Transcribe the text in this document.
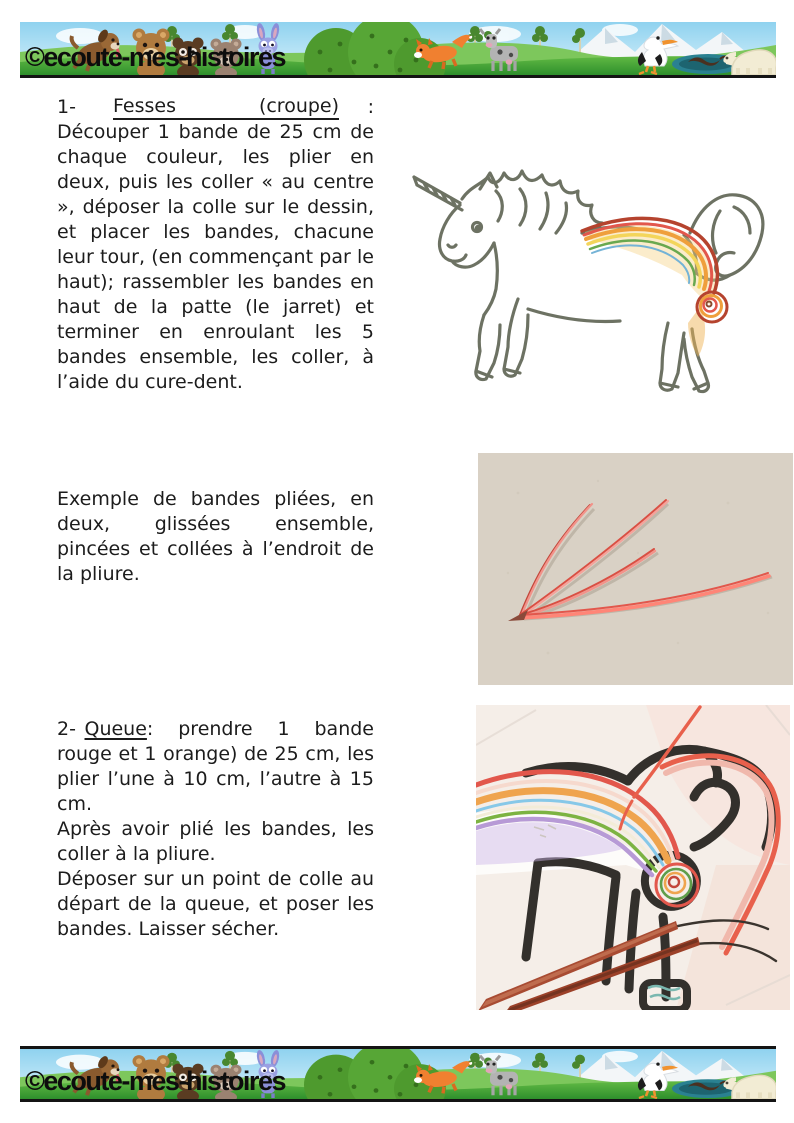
©ecoute-mes-histoires
1- Fesses	(croupe) :

Découper 1 bande de 25 cm de chaque couleur, les plier en deux, puis les coller « au centre », déposer la colle sur le dessin, et placer les bandes, chacune leur tour, (en commençant par le haut); rassembler les bandes en haut de la patte (le jarret) et terminer en enroulant les 5 bandes ensemble, les coller, à l’aide du cure-dent.

Exemple de bandes pliées, en deux, glissées ensemble, pincées et collées à l’endroit de la pliure.

2- Queue: prendre 1 bande rouge et 1 orange) de 25 cm, les plier l’une à 10 cm, l’autre à 15 cm.

Après avoir plié les bandes, les coller à la pliure.

Déposer sur un point de colle au départ de la queue, et poser les bandes. Laisser sécher.

©ecoute-mes-histoires
